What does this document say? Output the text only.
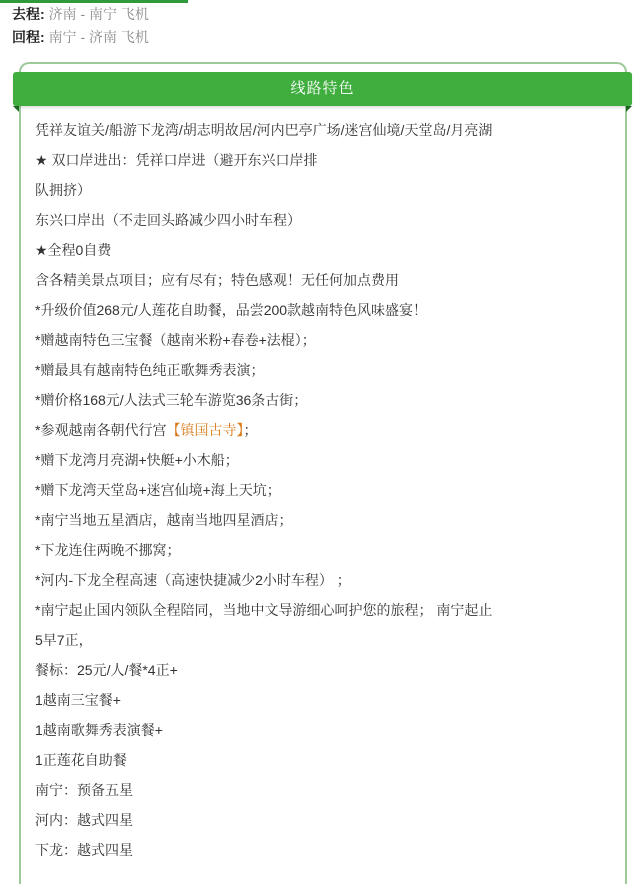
去程: 济南 - 南宁 飞机
回程: 南宁 - 济南 飞机
线路特色
凭祥友谊关/船游下龙湾/胡志明故居/河内巴亭广场/迷宫仙境/天堂岛/月亮湖
★ 双口岸进出：凭祥口岸进（避开东兴口岸排
队拥挤）
东兴口岸出（不走回头路减少四小时车程）
★全程0自费
含各精美景点项目；应有尽有；特色感观！无任何加点费用
*升级价值268元/人莲花自助餐，品尝200款越南特色风味盛宴！
*赠越南特色三宝餐（越南米粉+春卷+法棍）；
*赠最具有越南特色纯正歌舞秀表演；
*赠价格168元/人法式三轮车游览36条古街；
*参观越南各朝代行宫【镇国古寺】；
*赠下龙湾月亮湖+快艇+小木船；
*赠下龙湾天堂岛+迷宫仙境+海上天坑；
*南宁当地五星酒店，越南当地四星酒店；
*下龙连住两晚不挪窝；
*河内-下龙全程高速（高速快捷减少2小时车程） ；
*南宁起止国内领队全程陪同，当地中文导游细心呵护您的旅程； 南宁起止
5早7正，
餐标：25元/人/餐*4正+
1越南三宝餐+
1越南歌舞秀表演餐+
1正莲花自助餐
南宁：预备五星
河内：越式四星
下龙：越式四星
